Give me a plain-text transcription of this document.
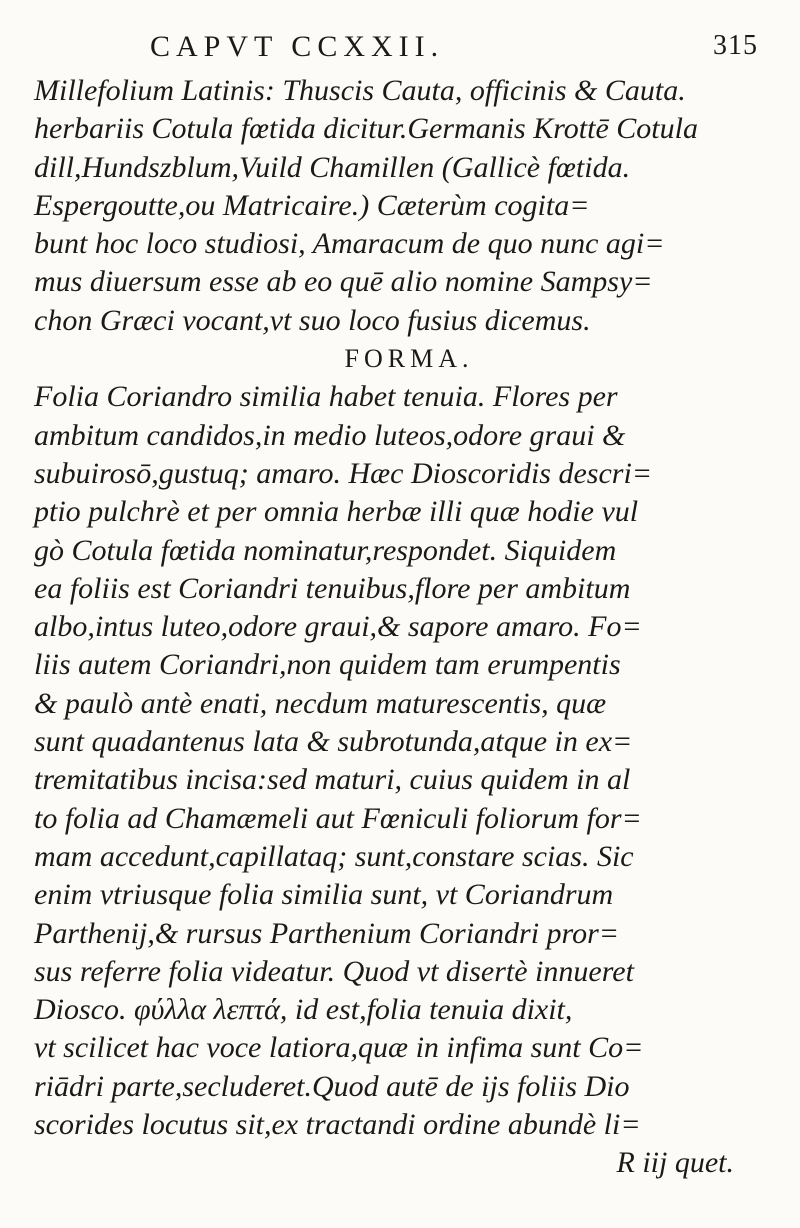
CAPVT CCXXII.	315
Millefolium Latinis: Thuscis Cauta, officinis & Cauta.
herbariis Cotula fœtida dicitur.Germanis Krottē Cotula
dill,Hundszblum,Vuild Chamillen (Gallicè fœtida.
Espergoutte,ou Matricaire.) Cæterùm cogita=
bunt hoc loco studiosi, Amaracum de quo nunc agi=
mus diuersum esse ab eo quē alio nomine Sampsy=
chon Græci vocant,vt suo loco fusius dicemus.
FORMA.
Folia Coriandro similia habet tenuia. Flores per
ambitum candidos,in medio luteos,odore graui &
subuirosō,gustuq; amaro. Hæc Dioscoridis descri=
ptio pulchrè et per omnia herbæ illi quæ hodie vul
gò Cotula fœtida nominatur,respondet. Siquidem
ea foliis est Coriandri tenuibus,flore per ambitum
albo,intus luteo,odore graui,& sapore amaro. Fo=
liis autem Coriandri,non quidem tam erumpentis
& paulò antè enati, necdum maturescentis, quæ
sunt quadantenus lata & subrotunda,atque in ex=
tremitatibus incisa:sed maturi, cuius quidem in al
to folia ad Chamæmeli aut Fœniculi foliorum for=
mam accedunt,capillataq; sunt,constare scias. Sic
enim vtriusque folia similia sunt, vt Coriandrum
Parthenij,& rursus Parthenium Coriandri pror=
sus referre folia videatur. Quod vt disertè innueret
Dioscο. φύλλα λεπτά, id est,folia tenuia dixit,
vt scilicet hac voce latiora,quæ in infima sunt Co=
riādri parte,secluderet.Quod autē de ijs foliis Dio
scorides locutus sit,ex tractandi ordine abundè li=
R iij quet.
